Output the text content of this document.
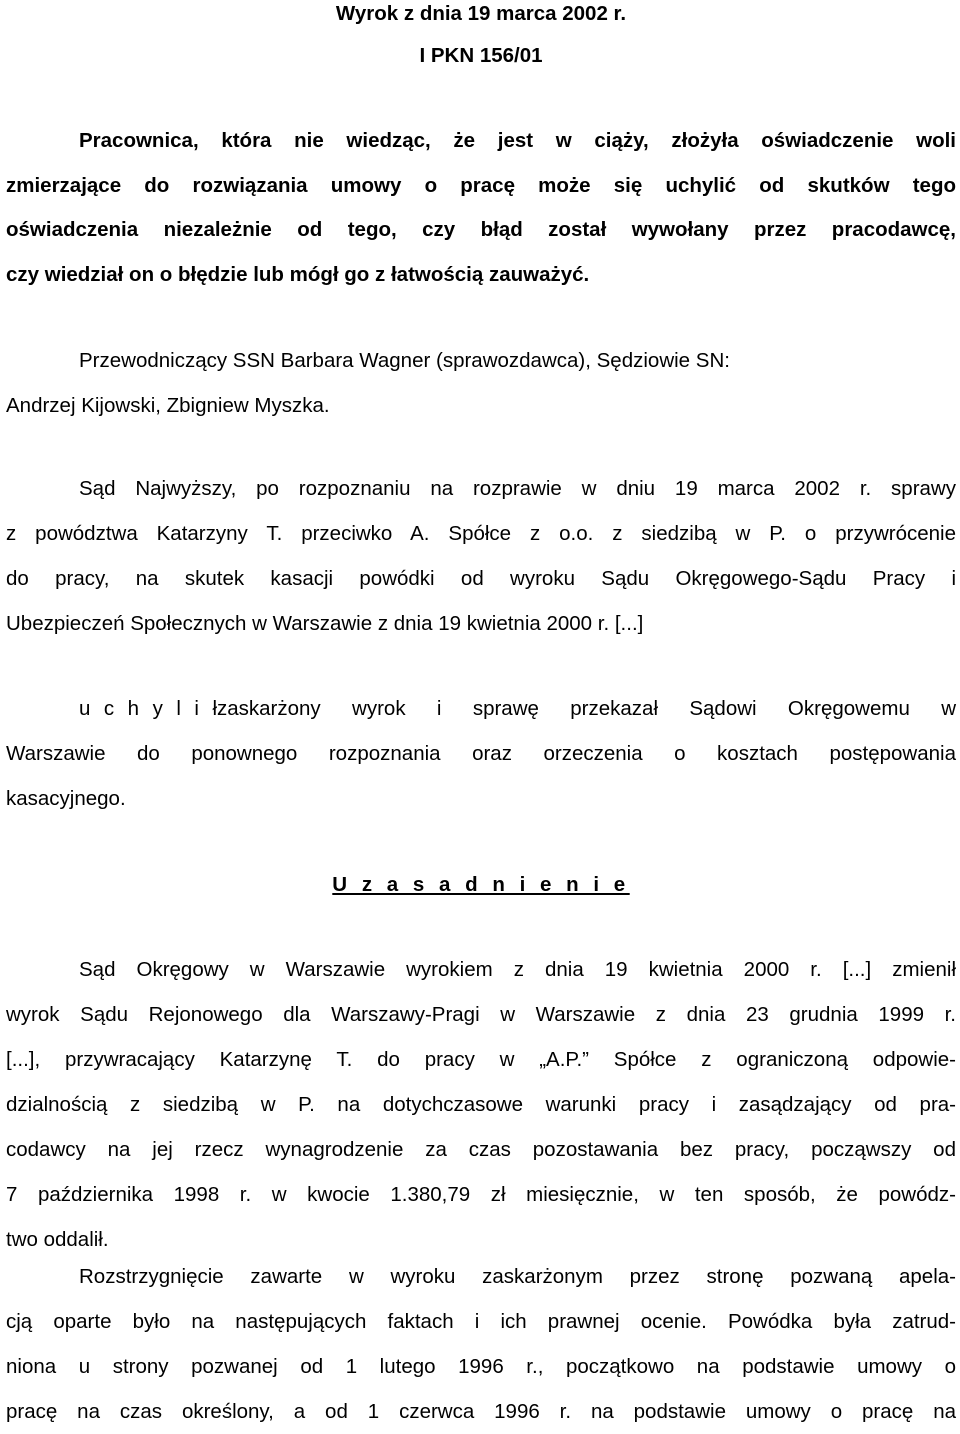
Wyrok z dnia 19 marca 2002 r.
I PKN 156/01
Pracownica, która nie wiedząc, że jest w ciąży, złożyła oświadczenie woli
zmierzające do rozwiązania umowy o pracę może się uchylić od skutków tego
oświadczenia niezależnie od tego, czy błąd został wywołany przez pracodawcę,
czy wiedział on o błędzie lub mógł go z łatwością zauważyć.
Przewodniczący SSN Barbara Wagner (sprawozdawca), Sędziowie SN:
Andrzej Kijowski, Zbigniew Myszka.
Sąd Najwyższy, po rozpoznaniu na rozprawie w dniu 19 marca 2002 r. sprawy
z powództwa Katarzyny T. przeciwko A. Spółce z o.o. z siedzibą w P. o przywrócenie
do pracy, na skutek kasacji powódki od wyroku Sądu Okręgowego-Sądu Pracy i
Ubezpieczeń Społecznych w Warszawie z dnia 19 kwietnia 2000 r. [...]
u c h y l i łzaskarżony wyrok i sprawę przekazał Sądowi Okręgowemu w
Warszawie do ponownego rozpoznania oraz orzeczenia o kosztach postępowania
kasacyjnego.
U z a s a d n i e n i e
Sąd Okręgowy w Warszawie wyrokiem z dnia 19 kwietnia 2000 r. [...] zmienił
wyrok Sądu Rejonowego dla Warszawy-Pragi w Warszawie z dnia 23 grudnia 1999 r.
[...], przywracający Katarzynę T. do pracy w „A.P.” Spółce z ograniczoną odpowie-
dzialnością z siedzibą w P. na dotychczasowe warunki pracy i zasądzający od pra-
codawcy na jej rzecz wynagrodzenie za czas pozostawania bez pracy, począwszy od
7 października 1998 r. w kwocie 1.380,79 zł miesięcznie, w ten sposób, że powódz-
two oddalił.
Rozstrzygnięcie zawarte w wyroku zaskarżonym przez stronę pozwaną apela-
cją oparte było na następujących faktach i ich prawnej ocenie. Powódka była zatrud-
niona u strony pozwanej od 1 lutego 1996 r., początkowo na podstawie umowy o
pracę na czas określony, a od 1 czerwca 1996 r. na podstawie umowy o pracę na
